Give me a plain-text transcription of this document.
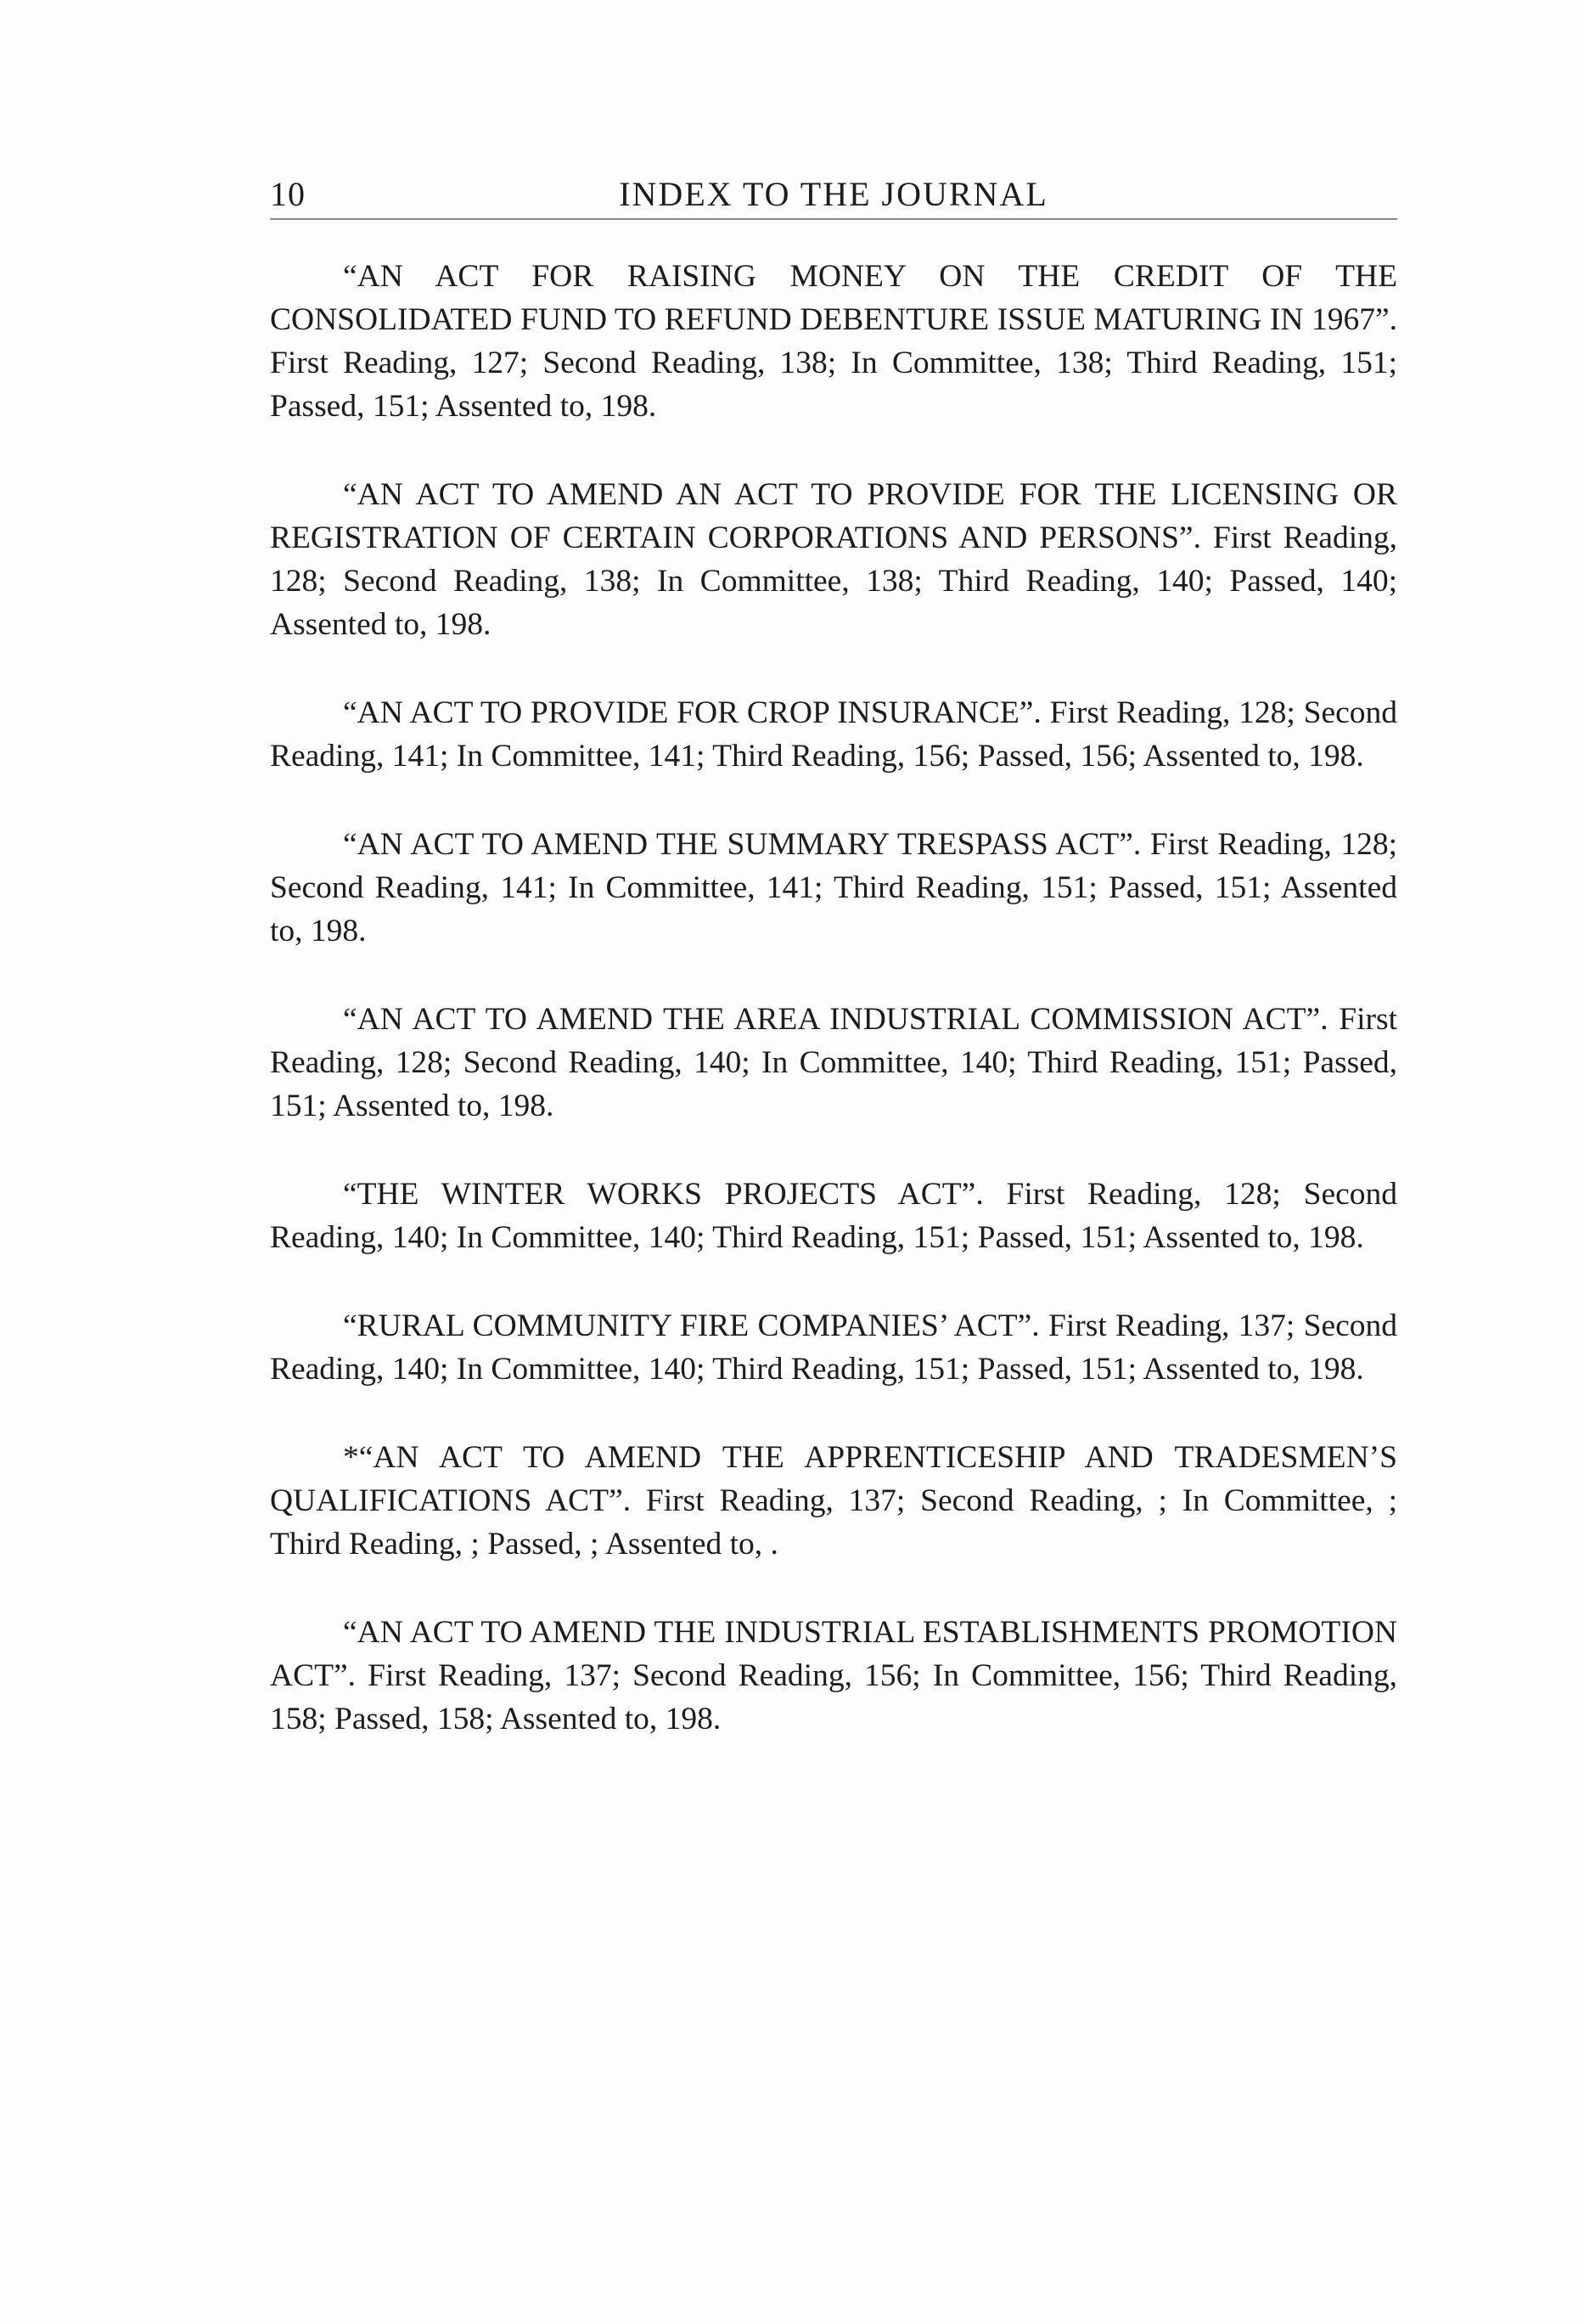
10	INDEX TO THE JOURNAL

“AN ACT FOR RAISING MONEY ON THE CREDIT OF THE CONSOLIDATED FUND TO REFUND DEBENTURE ISSUE MATURING IN 1967”. First Reading, 127; Second Reading, 138; In Committee, 138; Third Reading, 151; Passed, 151; Assented to, 198.

“AN ACT TO AMEND AN ACT TO PROVIDE FOR THE LICENSING OR REGISTRATION OF CERTAIN CORPORATIONS AND PERSONS”. First Reading, 128; Second Reading, 138; In Committee, 138; Third Reading, 140; Passed, 140; Assented to, 198.

“AN ACT TO PROVIDE FOR CROP INSURANCE”. First Reading, 128; Second Reading, 141; In Committee, 141; Third Reading, 156; Passed, 156; Assented to, 198.

“AN ACT TO AMEND THE SUMMARY TRESPASS ACT”. First Reading, 128; Second Reading, 141; In Committee, 141; Third Reading, 151; Passed, 151; Assented to, 198.

“AN ACT TO AMEND THE AREA INDUSTRIAL COMMISSION ACT”. First Reading, 128; Second Reading, 140; In Committee, 140; Third Reading, 151; Passed, 151; Assented to, 198.

“THE WINTER WORKS PROJECTS ACT”. First Reading, 128; Second Reading, 140; In Committee, 140; Third Reading, 151; Passed, 151; Assented to, 198.

“RURAL COMMUNITY FIRE COMPANIES’ ACT”. First Reading, 137; Second Reading, 140; In Committee, 140; Third Reading, 151; Passed, 151; Assented to, 198.

*“AN ACT TO AMEND THE APPRENTICESHIP AND TRADESMEN’S QUALIFICATIONS ACT”. First Reading, 137; Second Reading, ; In Committee, ; Third Reading, ; Passed, ; Assented to, .

“AN ACT TO AMEND THE INDUSTRIAL ESTABLISHMENTS PROMOTION ACT”. First Reading, 137; Second Reading, 156; In Committee, 156; Third Reading, 158; Passed, 158; Assented to, 198.
